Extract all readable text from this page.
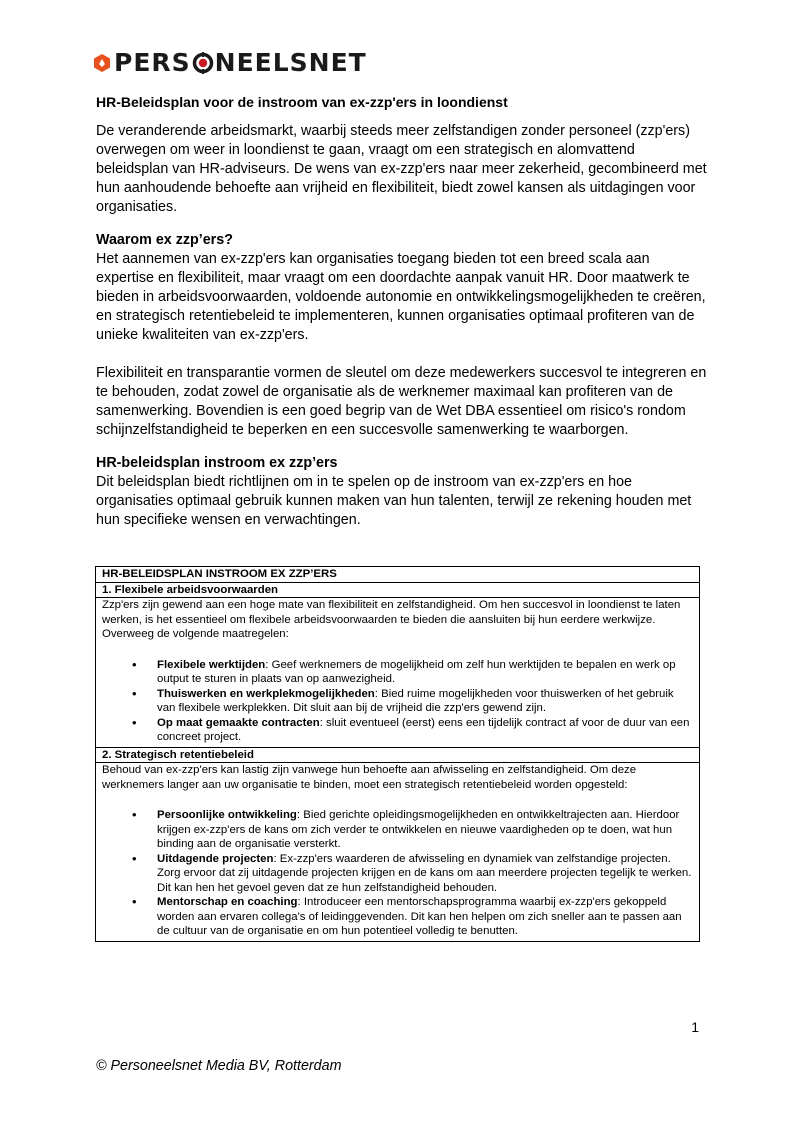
PERS NEELSNET
HR-Beleidsplan voor de instroom van ex-zzp'ers in loondienst

De veranderende arbeidsmarkt, waarbij steeds meer zelfstandigen zonder personeel (zzp'ers) overwegen om weer in loondienst te gaan, vraagt om een strategisch en alomvattend beleidsplan van HR-adviseurs. De wens van ex-zzp'ers naar meer zekerheid, gecombineerd met hun aanhoudende behoefte aan vrijheid en flexibiliteit, biedt zowel kansen als uitdagingen voor organisaties.

Waarom ex zzp’ers?

Het aannemen van ex-zzp'ers kan organisaties toegang bieden tot een breed scala aan expertise en flexibiliteit, maar vraagt om een doordachte aanpak vanuit HR. Door maatwerk te bieden in arbeidsvoorwaarden, voldoende autonomie en ontwikkelingsmogelijkheden te creëren, en strategisch retentiebeleid te implementeren, kunnen organisaties optimaal profiteren van de unieke kwaliteiten van ex-zzp'ers.

Flexibiliteit en transparantie vormen de sleutel om deze medewerkers succesvol te integreren en te behouden, zodat zowel de organisatie als de werknemer maximaal kan profiteren van de samenwerking. Bovendien is een goed begrip van de Wet DBA essentieel om risico's rondom schijnzelfstandigheid te beperken en een succesvolle samenwerking te waarborgen.

HR-beleidsplan instroom ex zzp’ers

Dit beleidsplan biedt richtlijnen om in te spelen op de instroom van ex-zzp'ers en hoe organisaties optimaal gebruik kunnen maken van hun talenten, terwijl ze rekening houden met hun specifieke wensen en verwachtingen.

HR-BELEIDSPLAN INSTROOM EX ZZP’ERS
1. Flexibele arbeidsvoorwaarden

Zzp'ers zijn gewend aan een hoge mate van flexibiliteit en zelfstandigheid. Om hen succesvol in loondienst te laten werken, is het essentieel om flexibele arbeidsvoorwaarden te bieden die aansluiten bij hun eerdere werkwijze. Overweeg de volgende maatregelen:
• Flexibele werktijden: Geef werknemers de mogelijkheid om zelf hun werktijden te bepalen en werk op output te sturen in plaats van op aanwezigheid.
• Thuiswerken en werkplekmogelijkheden: Bied ruime mogelijkheden voor thuiswerken of het gebruik van flexibele werkplekken. Dit sluit aan bij de vrijheid die zzp'ers gewend zijn.
• Op maat gemaakte contracten: sluit eventueel (eerst) eens een tijdelijk contract af voor de duur van een concreet project.

2. Strategisch retentiebeleid

Behoud van ex-zzp'ers kan lastig zijn vanwege hun behoefte aan afwisseling en zelfstandigheid. Om deze werknemers langer aan uw organisatie te binden, moet een strategisch retentiebeleid worden opgesteld:
• Persoonlijke ontwikkeling: Bied gerichte opleidingsmogelijkheden en ontwikkeltrajecten aan. Hierdoor krijgen ex-zzp'ers de kans om zich verder te ontwikkelen en nieuwe vaardigheden op te doen, wat hun binding aan de organisatie versterkt.
• Uitdagende projecten: Ex-zzp'ers waarderen de afwisseling en dynamiek van zelfstandige projecten. Zorg ervoor dat zij uitdagende projecten krijgen en de kans om aan meerdere projecten tegelijk te werken. Dit kan hen het gevoel geven dat ze hun zelfstandigheid behouden.
• Mentorschap en coaching: Introduceer een mentorschapsprogramma waarbij ex-zzp'ers gekoppeld worden aan ervaren collega's of leidinggevenden. Dit kan hen helpen om zich sneller aan te passen aan de cultuur van de organisatie en om hun potentieel volledig te benutten.
1
© Personeelsnet Media BV, Rotterdam
